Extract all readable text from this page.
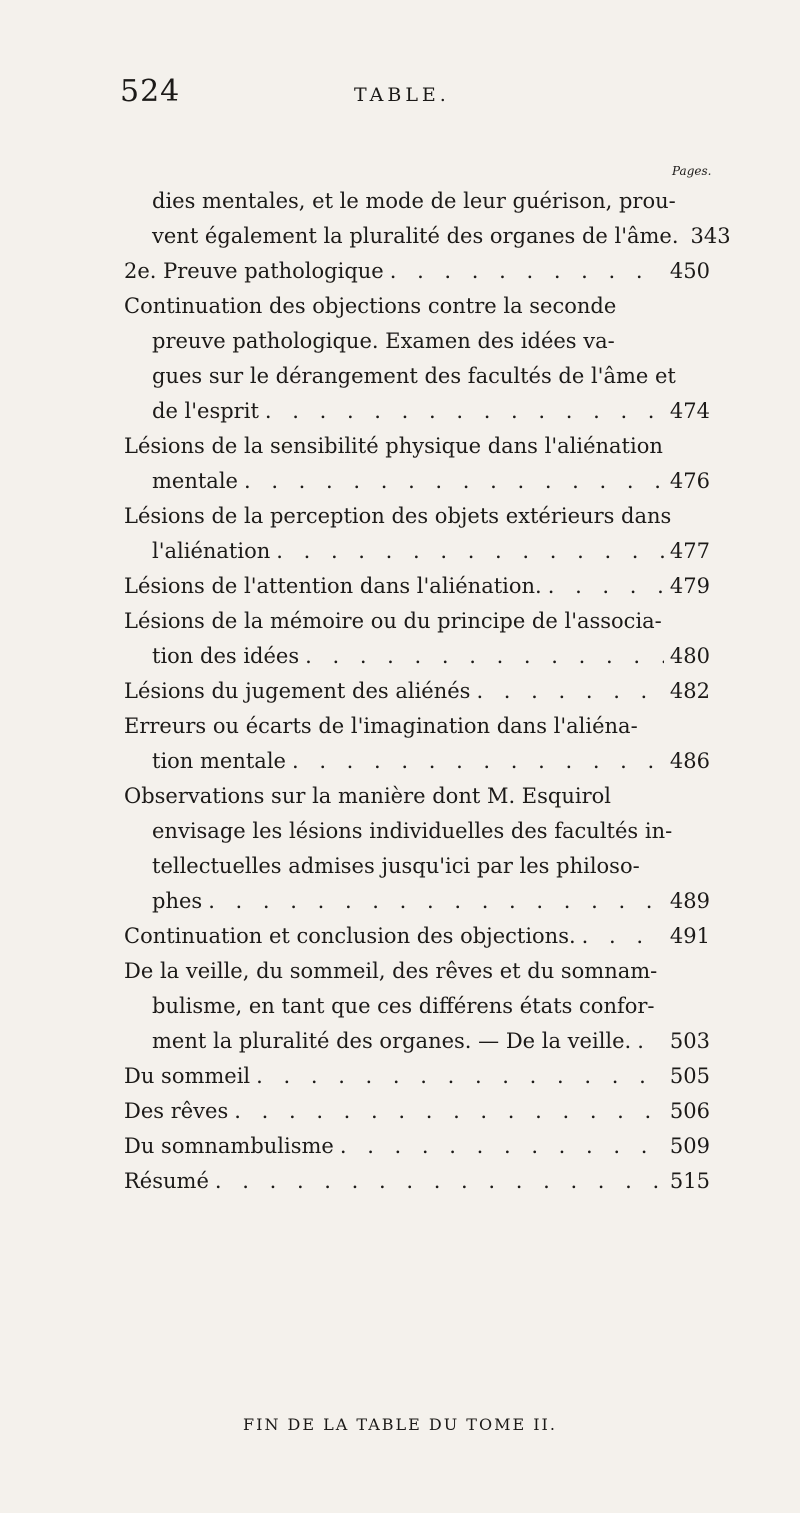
524	TABLE.
Pages.
dies mentales, et le mode de leur guérison, prou-
vent également la pluralité des organes de l'âme. 343
2e. Preuve pathologique . . .	450
Continuation des objections contre la seconde
preuve pathologique. Examen des idées va-
gues sur le dérangement des facultés de l'âme et
de l'esprit . . .	474
Lésions de la sensibilité physique dans l'aliénation
mentale . . .	476
Lésions de la perception des objets extérieurs dans
l'aliénation . . .	477
Lésions de l'attention dans l'aliénation. . . .	479
Lésions de la mémoire ou du principe de l'associa-
tion des idées . . .	480
Lésions du jugement des aliénés . . .	482
Erreurs ou écarts de l'imagination dans l'aliéna-
tion mentale . . .	486
Observations sur la manière dont M. Esquirol
envisage les lésions individuelles des facultés in-
tellectuelles admises jusqu'ici par les philoso-
phes . . .	489
Continuation et conclusion des objections. . . .	491
De la veille, du sommeil, des rêves et du somnam-
bulisme, en tant que ces différens états confor-
ment la pluralité des organes. — De la veille. . . . 503
Du sommeil . . .	505
Des rêves . . .	506
Du somnambulisme . . .	509
Résumé . . .	515
FIN DE LA TABLE DU TOME II.
